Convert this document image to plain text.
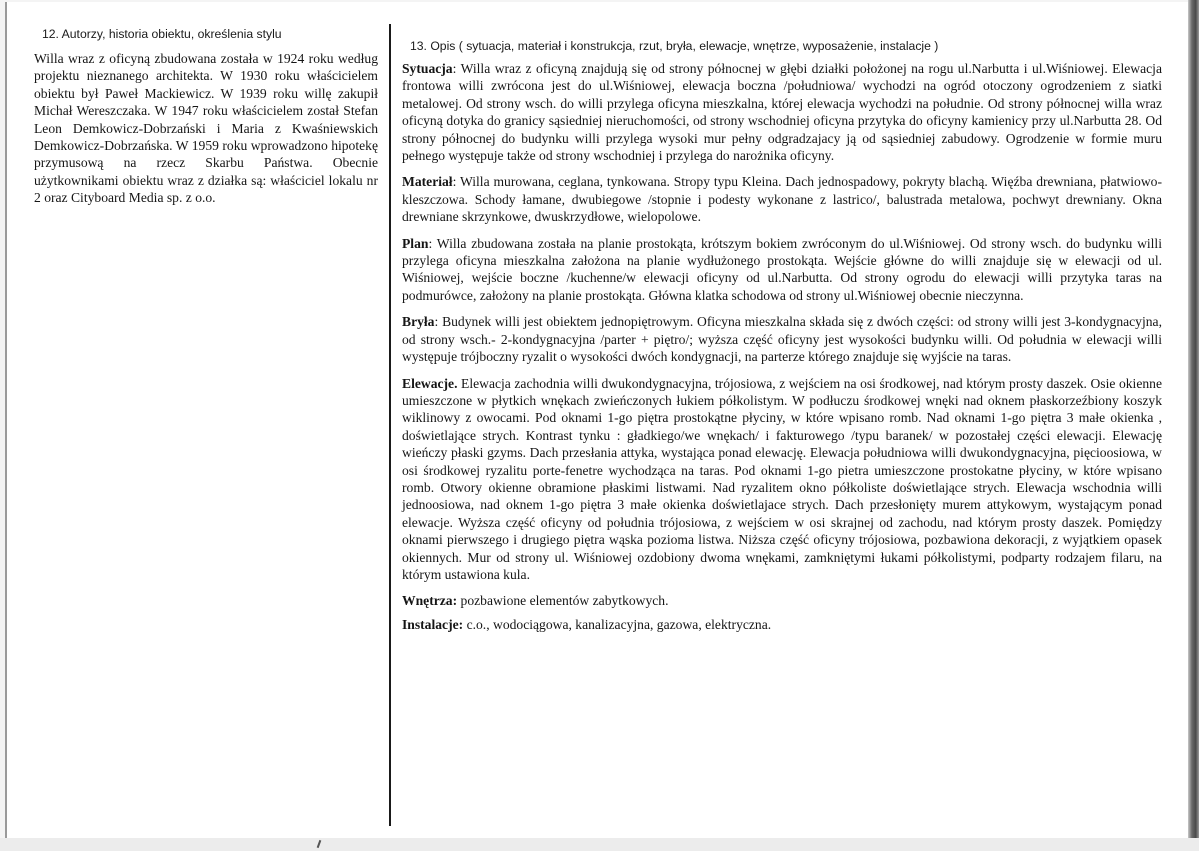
12. Autorzy, historia obiektu, określenia stylu

Willa wraz z oficyną zbudowana została w 1924 roku według projektu nieznanego architekta. W 1930 roku właścicielem obiektu był Paweł Mackiewicz. W 1939 roku willę zakupił Michał Wereszczaka. W 1947 roku właścicielem został Stefan Leon Demkowicz-Dobrzański i Maria z Kwaśniewskich Demkowicz-Dobrzańska. W 1959 roku wprowadzono hipotekę przymusową na rzecz Skarbu Państwa. Obecnie użytkownikami obiektu wraz z działka są: właściciel lokalu nr 2 oraz Cityboard Media sp. z o.o.

13. Opis ( sytuacja, materiał i konstrukcja, rzut, bryła, elewacje, wnętrze, wyposażenie, instalacje )

Sytuacja: Willa wraz z oficyną znajdują się od strony północnej w głębi działki położonej na rogu ul.Narbutta i ul.Wiśniowej. Elewacja frontowa willi zwrócona jest do ul.Wiśniowej, elewacja boczna /południowa/ wychodzi na ogród otoczony ogrodzeniem z siatki metalowej. Od strony wsch. do willi przylega oficyna mieszkalna, której elewacja wychodzi na południe. Od strony północnej willa wraz oficyną dotyka do granicy sąsiedniej nieruchomości, od strony wschodniej oficyna przytyka do oficyny kamienicy przy ul.Narbutta 28. Od strony północnej do budynku willi przylega wysoki mur pełny odgradzajacy ją od sąsiedniej zabudowy. Ogrodzenie w formie muru pełnego występuje także od strony wschodniej i przylega do narożnika oficyny.

Materiał: Willa murowana, ceglana, tynkowana. Stropy typu Kleina. Dach jednospadowy, pokryty blachą. Więźba drewniana, płatwiowo-kleszczowa. Schody łamane, dwubiegowe /stopnie i podesty wykonane z lastrico/, balustrada metalowa, pochwyt drewniany. Okna drewniane skrzynkowe, dwuskrzydłowe, wielopolowe.

Plan: Willa zbudowana została na planie prostokąta, krótszym bokiem zwróconym do ul.Wiśniowej. Od strony wsch. do budynku willi przylega oficyna mieszkalna założona na planie wydłużonego prostokąta. Wejście główne do willi znajduje się w elewacji od ul. Wiśniowej, wejście boczne /kuchenne/w elewacji oficyny od ul.Narbutta. Od strony ogrodu do elewacji willi przytyka taras na podmurówce, założony na planie prostokąta. Główna klatka schodowa od strony ul.Wiśniowej obecnie nieczynna.

Bryła: Budynek willi jest obiektem jednopiętrowym. Oficyna mieszkalna składa się z dwóch części: od strony willi jest 3-kondygnacyjna, od strony wsch.- 2-kondygnacyjna /parter + piętro/; wyższa część oficyny jest wysokości budynku willi. Od południa w elewacji willi występuje trójboczny ryzalit o wysokości dwóch kondygnacji, na parterze którego znajduje się wyjście na taras.

Elewacje. Elewacja zachodnia willi dwukondygnacyjna, trójosiowa, z wejściem na osi środkowej, nad którym prosty daszek. Osie okienne umieszczone w płytkich wnękach zwieńczonych łukiem półkolistym. W podłuczu środkowej wnęki nad oknem płaskorzeźbiony koszyk wiklinowy z owocami. Pod oknami 1-go piętra prostokątne płyciny, w które wpisano romb. Nad oknami 1-go piętra 3 małe okienka , doświetlające strych. Kontrast tynku : gładkiego/we wnękach/ i fakturowego /typu baranek/ w pozostałej części elewacji. Elewację wieńczy płaski gzyms. Dach przesłania attyka, wystająca ponad elewację. Elewacja południowa willi dwukondygnacyjna, pięcioosiowa, w osi środkowej ryzalitu porte-fenetre wychodząca na taras. Pod oknami 1-go pietra umieszczone prostokatne płyciny, w które wpisano romb. Otwory okienne obramione płaskimi listwami. Nad ryzalitem okno półkoliste doświetlające strych. Elewacja wschodnia willi jednoosiowa, nad oknem 1-go piętra 3 małe okienka doświetlajace strych. Dach przesłonięty murem attykowym, wystającym ponad elewacje. Wyższa część oficyny od południa trójosiowa, z wejściem w osi skrajnej od zachodu, nad którym prosty daszek. Pomiędzy oknami pierwszego i drugiego piętra wąska pozioma listwa. Niższa część oficyny trójosiowa, pozbawiona dekoracji, z wyjątkiem opasek okiennych. Mur od strony ul. Wiśniowej ozdobiony dwoma wnękami, zamkniętymi łukami półkolistymi, podparty rodzajem filaru, na którym ustawiona kula.

Wnętrza: pozbawione elementów zabytkowych.

Instalacje: c.o., wodociągowa, kanalizacyjna, gazowa, elektryczna.
